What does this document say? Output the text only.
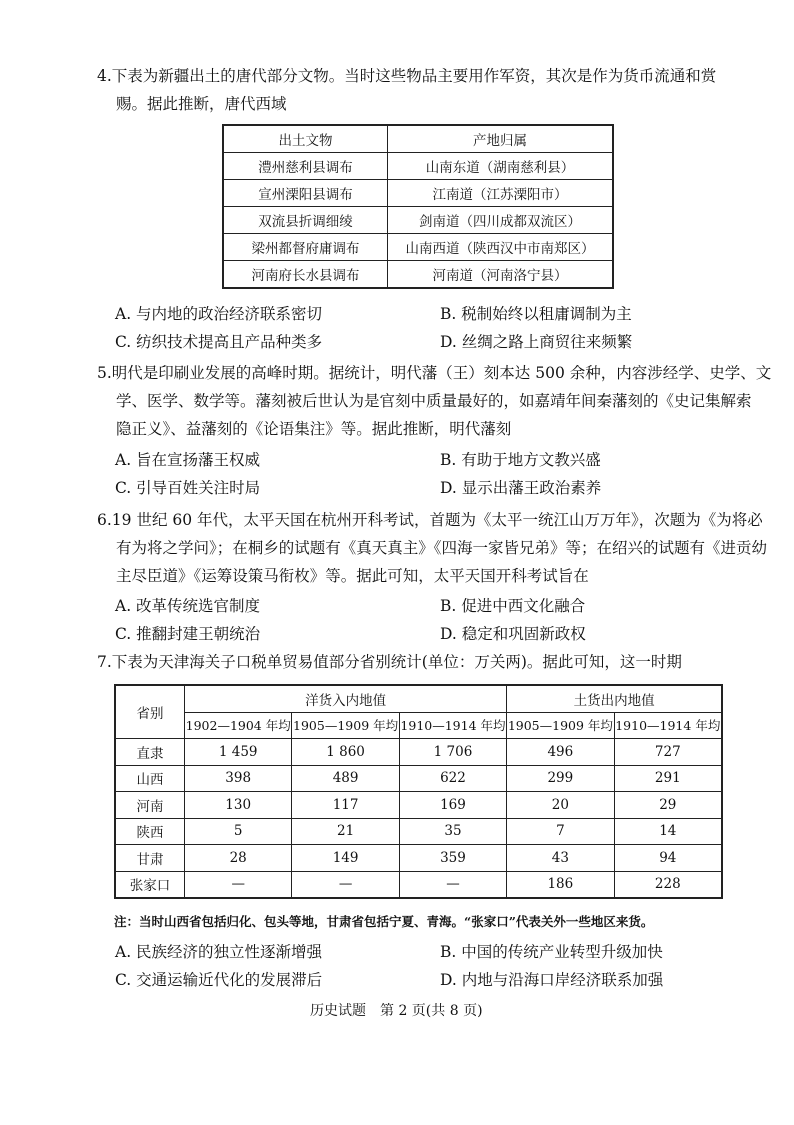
4.下表为新疆出土的唐代部分文物。当时这些物品主要用作军资，其次是作为货币流通和赏
赐。据此推断，唐代西域
出土文物	产地归属
澧州慈利县调布	山南东道（湖南慈利县）
宣州溧阳县调布	江南道（江苏溧阳市）
双流县折调细绫	剑南道（四川成都双流区）
梁州都督府庸调布	山南西道（陕西汉中市南郑区）
河南府长水县调布	河南道（河南洛宁县）
A. 与内地的政治经济联系密切	B. 税制始终以租庸调制为主
C. 纺织技术提高且产品种类多	D. 丝绸之路上商贸往来频繁
5.明代是印刷业发展的高峰时期。据统计，明代藩（王）刻本达 500 余种，内容涉经学、史学、文
学、医学、数学等。藩刻被后世认为是官刻中质量最好的，如嘉靖年间秦藩刻的《史记集解索
隐正义》、益藩刻的《论语集注》等。据此推断，明代藩刻
A. 旨在宣扬藩王权威	B. 有助于地方文教兴盛
C. 引导百姓关注时局	D. 显示出藩王政治素养
6.19 世纪 60 年代，太平天国在杭州开科考试，首题为《太平一统江山万万年》，次题为《为将必
有为将之学问》；在桐乡的试题有《真天真主》《四海一家皆兄弟》等；在绍兴的试题有《进贡幼
主尽臣道》《运筹设策马衔枚》等。据此可知，太平天国开科考试旨在
A. 改革传统选官制度	B. 促进中西文化融合
C. 推翻封建王朝统治	D. 稳定和巩固新政权
7.下表为天津海关子口税单贸易值部分省别统计(单位：万关两)。据此可知，这一时期
省别	洋货入内地值			土货出内地值	
	1902—1904 年均	1905—1909 年均	1910—1914 年均	1905—1909 年均	1910—1914 年均
直隶	1 459	1 860	1 706	496	727
山西	398	489	622	299	291
河南	130	117	169	20	29
陕西	5	21	35	7	14
甘肃	28	149	359	43	94
张家口	—	—	—	186	228
注：当时山西省包括归化、包头等地，甘肃省包括宁夏、青海。“张家口”代表关外一些地区来货。
A. 民族经济的独立性逐渐增强	B. 中国的传统产业转型升级加快
C. 交通运输近代化的发展滞后	D. 内地与沿海口岸经济联系加强
历史试题　第 2 页(共 8 页)
